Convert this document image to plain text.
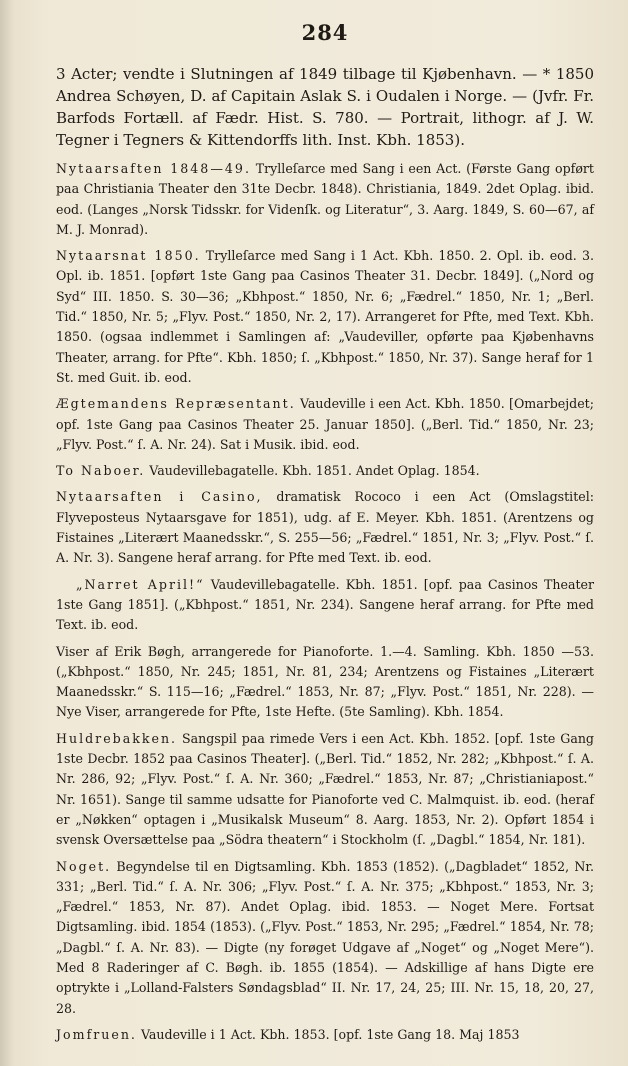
284

3 Acter; vendte i Slutningen af 1849 tilbage til Kjøbenhavn. — * 1850 Andrea Schøyen, D. af Capitain Aslak S. i Oudalen i Norge. — (Jvfr. Fr. Barfods Fortæll. af Fædr. Hist. S. 780. — Portrait, lithogr. af J. W. Tegner i Tegners & Kittendorffs lith. Inst. Kbh. 1853).

Nytaarsaften 1848—49. Trylleſarce med Sang i een Act. (Første Gang opført paa Christiania Theater den 31te Decbr. 1848). Christiania, 1849. 2det Oplag. ibid. eod. (Langes „Norsk Tidsskr. for Videnſk. og Literatur“, 3. Aarg. 1849, S. 60—67, af M. J. Monrad).

Nytaarsnat 1850. Trylleſarce med Sang i 1 Act. Kbh. 1850. 2. Opl. ib. eod. 3. Opl. ib. 1851. [opført 1ste Gang paa Casinos Theater 31. Decbr. 1849]. („Nord og Syd“ III. 1850. S. 30—36; „Kbhpost.“ 1850, Nr. 6; „Fædrel.“ 1850, Nr. 1; „Berl. Tid.“ 1850, Nr. 5; „Flyv. Post.“ 1850, Nr. 2, 17). Arrangeret for Pfte, med Text. Kbh. 1850. (ogsaa indlemmet i Samlingen af: „Vaudeviller, opførte paa Kjøbenhavns Theater, arrang. for Pfte“. Kbh. 1850; ſ. „Kbhpost.“ 1850, Nr. 37). Sange heraf for 1 St. med Guit. ib. eod.

Ægtemandens Repræsentant. Vaudeville i een Act. Kbh. 1850. [Omarbejdet; opf. 1ste Gang paa Casinos Theater 25. Januar 1850]. („Berl. Tid.“ 1850, Nr. 23; „Flyv. Post.“ ſ. A. Nr. 24). Sat i Musik. ibid. eod.

To Naboer. Vaudevillebagatelle. Kbh. 1851. Andet Oplag. 1854.

Nytaarsaften i Casino, dramatisk Rococo i een Act (Omslagstitel: Flyveposteus Nytaarsgave for 1851), udg. af E. Meyer. Kbh. 1851. (Arentzens og Fistaines „Literært Maanedsskr.“, S. 255—56; „Fædrel.“ 1851, Nr. 3; „Flyv. Post.“ ſ. A. Nr. 3). Sangene heraf arrang. for Pfte med Text. ib. eod.

„Narret April!“ Vaudevillebagatelle. Kbh. 1851. [opf. paa Casinos Theater 1ste Gang 1851]. („Kbhpost.“ 1851, Nr. 234). Sangene heraf arrang. for Pfte med Text. ib. eod.

Viser af Erik Bøgh, arrangerede for Pianoforte. 1.—4. Samling. Kbh. 1850 —53. („Kbhpost.“ 1850, Nr. 245; 1851, Nr. 81, 234; Arentzens og Fistaines „Literært Maanedsskr.“ S. 115—16; „Fædrel.“ 1853, Nr. 87; „Flyv. Post.“ 1851, Nr. 228). — Nye Viser, arrangerede for Pfte, 1ste Hefte. (5te Samling). Kbh. 1854.

Huldrebakken. Sangspil paa rimede Vers i een Act. Kbh. 1852. [opf. 1ste Gang 1ste Decbr. 1852 paa Casinos Theater]. („Berl. Tid.“ 1852, Nr. 282; „Kbhpost.“ ſ. A. Nr. 286, 92; „Flyv. Post.“ ſ. A. Nr. 360; „Fædrel.“ 1853, Nr. 87; „Christianiapost.“ Nr. 1651). Sange til samme udsatte for Pianoforte ved C. Malmquist. ib. eod. (heraf er „Nøkken“ optagen i „Musikalsk Museum“ 8. Aarg. 1853, Nr. 2). Opført 1854 i svensk Oversættelse paa „Södra theatern“ i Stockholm (ſ. „Dagbl.“ 1854, Nr. 181).

Noget. Begyndelse til en Digtsamling. Kbh. 1853 (1852). („Dagbladet“ 1852, Nr. 331; „Berl. Tid.“ ſ. A. Nr. 306; „Flyv. Post.“ ſ. A. Nr. 375; „Kbhpost.“ 1853, Nr. 3; „Fædrel.“ 1853, Nr. 87). Andet Oplag. ibid. 1853. — Noget Mere. Fortsat Digtsamling. ibid. 1854 (1853). („Flyv. Post.“ 1853, Nr. 295; „Fædrel.“ 1854, Nr. 78; „Dagbl.“ ſ. A. Nr. 83). — Digte (ny forøget Udgave af „Noget“ og „Noget Mere“). Med 8 Raderinger af C. Bøgh. ib. 1855 (1854). — Adskillige af hans Digte ere optrykte i „Lolland-Falsters Søndagsblad“ II. Nr. 17, 24, 25; III. Nr. 15, 18, 20, 27, 28.

Jomfruen. Vaudeville i 1 Act. Kbh. 1853. [opf. 1ste Gang 18. Maj 1853
